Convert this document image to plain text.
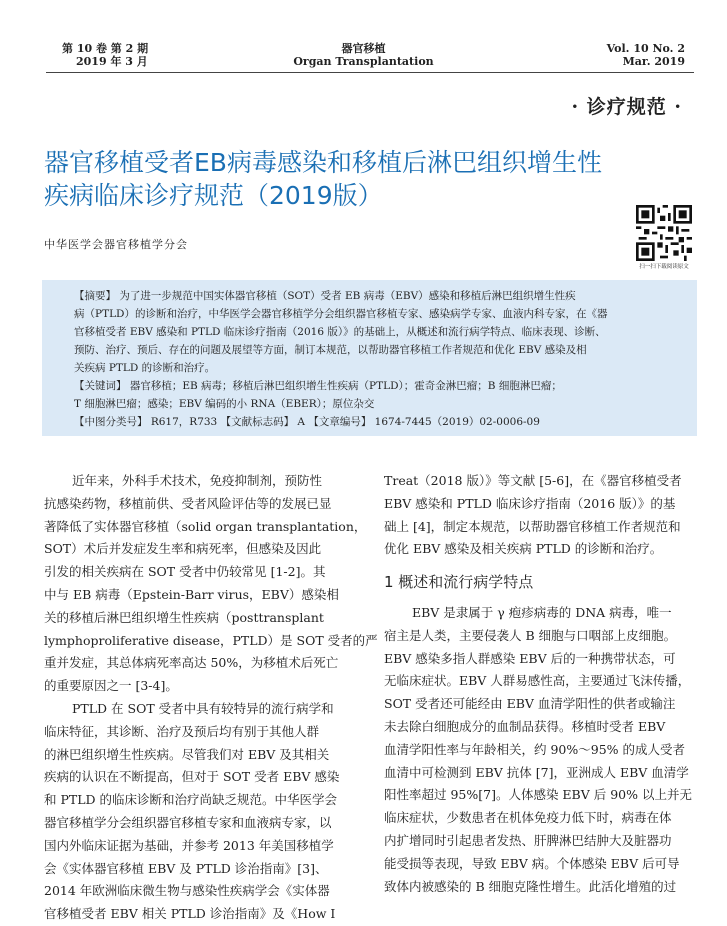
第 10 卷 第 2 期
2019 年 3 月
器官移植
Organ Transplantation
Vol. 10 No. 2
Mar. 2019
· 诊疗规范 ·
器官移植受者EB病毒感染和移植后淋巴组织增生性
疾病临床诊疗规范（2019版）
扫一扫下载阅读原文
中华医学会器官移植学分会
【摘要】 为了进一步规范中国实体器官移植（SOT）受者 EB 病毒（EBV）感染和移植后淋巴组织增生性疾
病（PTLD）的诊断和治疗，中华医学会器官移植学分会组织器官移植专家、感染病学专家、血液内科专家，在《器
官移植受者 EBV 感染和 PTLD 临床诊疗指南（2016 版）》的基础上，从概述和流行病学特点、临床表现、诊断、
预防、治疗、预后、存在的问题及展望等方面，制订本规范，以帮助器官移植工作者规范和优化 EBV 感染及相
关疾病 PTLD 的诊断和治疗。
【关键词】 器官移植；EB 病毒；移植后淋巴组织增生性疾病（PTLD）；霍奇金淋巴瘤；B 细胞淋巴瘤；
T 细胞淋巴瘤；感染；EBV 编码的小 RNA（EBER）；原位杂交
【中图分类号】 R617，R733 【文献标志码】 A 【文章编号】 1674-7445（2019）02-0006-09
近年来，外科手术技术，免疫抑制剂，预防性
抗感染药物，移植前供、受者风险评估等的发展已显
著降低了实体器官移植（solid organ transplantation，
SOT）术后并发症发生率和病死率，但感染及因此
引发的相关疾病在 SOT 受者中仍较常见 [1-2]。其
中与 EB 病毒（Epstein-Barr virus，EBV）感染相
关的移植后淋巴组织增生性疾病（posttransplant
lymphoproliferative disease，PTLD）是 SOT 受者的严
重并发症，其总体病死率高达 50%，为移植术后死亡
的重要原因之一 [3-4]。
PTLD 在 SOT 受者中具有较特异的流行病学和
临床特征，其诊断、治疗及预后均有别于其他人群
的淋巴组织增生性疾病。尽管我们对 EBV 及其相关
疾病的认识在不断提高，但对于 SOT 受者 EBV 感染
和 PTLD 的临床诊断和治疗尚缺乏规范。中华医学会
器官移植学分会组织器官移植专家和血液病专家，以
国内外临床证据为基础，并参考 2013 年美国移植学
会《实体器官移植 EBV 及 PTLD 诊治指南》[3]、
2014 年欧洲临床微生物与感染性疾病学会《实体器
官移植受者 EBV 相关 PTLD 诊治指南》及《How I
Treat（2018 版）》等文献 [5-6]，在《器官移植受者
EBV 感染和 PTLD 临床诊疗指南（2016 版）》的基
础上 [4]，制定本规范，以帮助器官移植工作者规范和
优化 EBV 感染及相关疾病 PTLD 的诊断和治疗。
1 概述和流行病学特点
EBV 是隶属于 γ 疱疹病毒的 DNA 病毒，唯一
宿主是人类，主要侵袭人 B 细胞与口咽部上皮细胞。
EBV 感染多指人群感染 EBV 后的一种携带状态，可
无临床症状。EBV 人群易感性高，主要通过飞沫传播，
SOT 受者还可能经由 EBV 血清学阳性的供者或输注
未去除白细胞成分的血制品获得。移植时受者 EBV
血清学阳性率与年龄相关，约 90%～95% 的成人受者
血清中可检测到 EBV 抗体 [7]，亚洲成人 EBV 血清学
阳性率超过 95%[7]。人体感染 EBV 后 90% 以上并无
临床症状，少数患者在机体免疫力低下时，病毒在体
内扩增同时引起患者发热、肝脾淋巴结肿大及脏器功
能受损等表现，导致 EBV 病。个体感染 EBV 后可导
致体内被感染的 B 细胞克隆性增生。此活化增殖的过
